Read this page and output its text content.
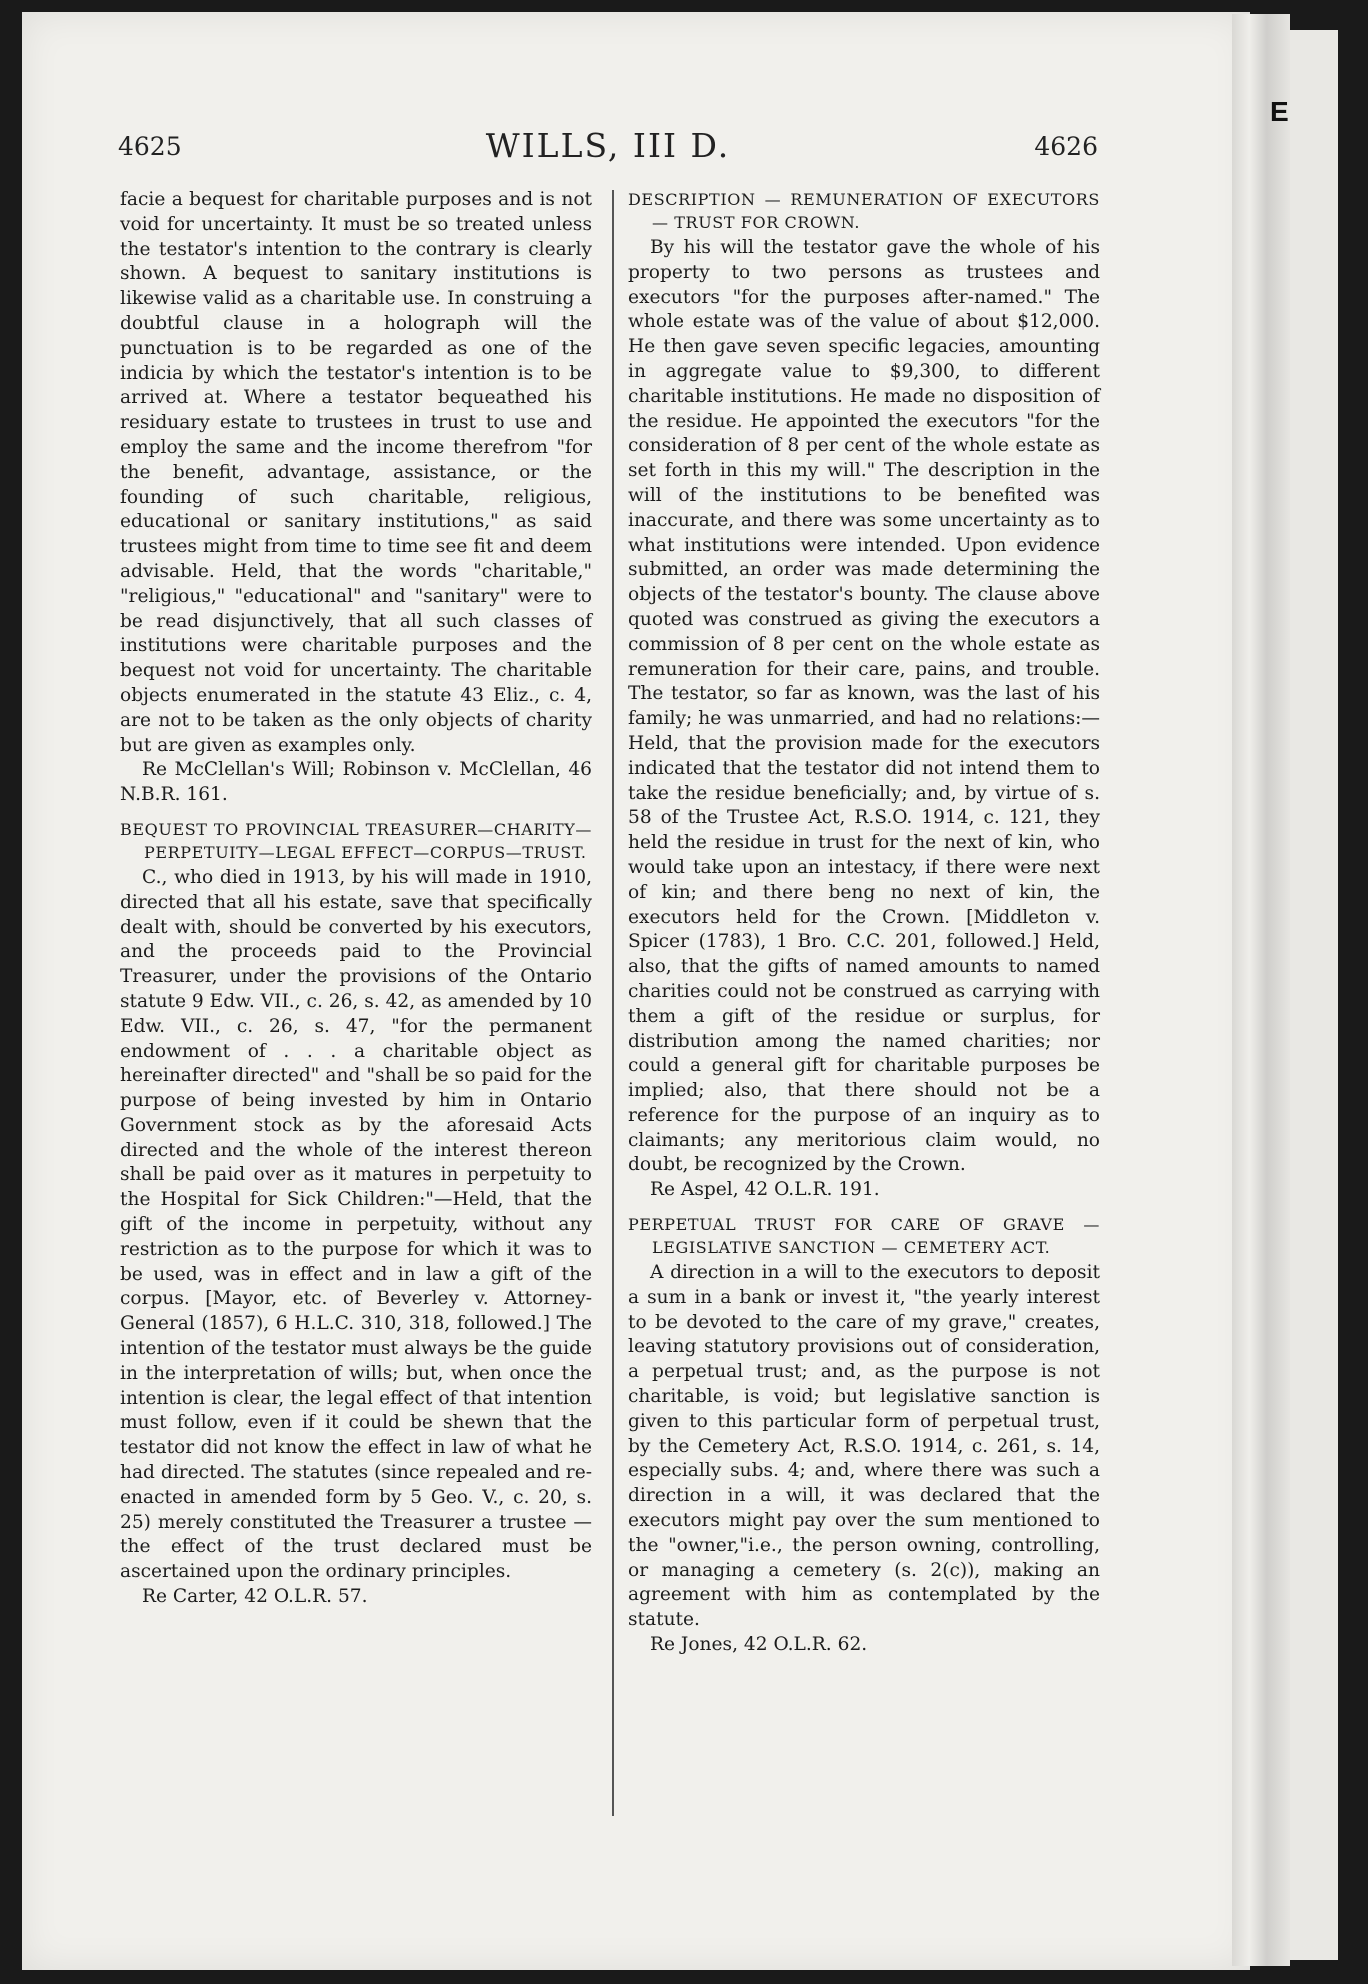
E
4625	WILLS, III D.	4626

facie a bequest for charitable purposes and is not void for uncertainty. It must be so treated unless the testator's intention to the contrary is clearly shown. A bequest to sanitary institutions is likewise valid as a charitable use. In construing a doubtful clause in a holograph will the punctuation is to be regarded as one of the indicia by which the testator's intention is to be arrived at. Where a testator bequeathed his residuary estate to trustees in trust to use and employ the same and the income therefrom "for the benefit, advantage, assistance, or the founding of such charitable, religious, educational or sanitary institutions," as said trustees might from time to time see fit and deem advisable. Held, that the words "charitable," "religious," "educational" and "sanitary" were to be read disjunctively, that all such classes of institutions were charitable purposes and the bequest not void for uncertainty. The charitable objects enumerated in the statute 43 Eliz., c. 4, are not to be taken as the only objects of charity but are given as examples only.

Re McClellan's Will; Robinson v. McClellan, 46 N.B.R. 161.

BEQUEST TO PROVINCIAL TREASURER—CHARITY—PERPETUITY—LEGAL EFFECT—CORPUS—TRUST.

C., who died in 1913, by his will made in 1910, directed that all his estate, save that specifically dealt with, should be converted by his executors, and the proceeds paid to the Provincial Treasurer, under the provisions of the Ontario statute 9 Edw. VII., c. 26, s. 42, as amended by 10 Edw. VII., c. 26, s. 47, "for the permanent endowment of . . . a charitable object as hereinafter directed" and "shall be so paid for the purpose of being invested by him in Ontario Government stock as by the aforesaid Acts directed and the whole of the interest thereon shall be paid over as it matures in perpetuity to the Hospital for Sick Children:"—Held, that the gift of the income in perpetuity, without any restriction as to the purpose for which it was to be used, was in effect and in law a gift of the corpus. [Mayor, etc. of Beverley v. Attorney-General (1857), 6 H.L.C. 310, 318, followed.] The intention of the testator must always be the guide in the interpretation of wills; but, when once the intention is clear, the legal effect of that intention must follow, even if it could be shewn that the testator did not know the effect in law of what he had directed. The statutes (since repealed and re-enacted in amended form by 5 Geo. V., c. 20, s. 25) merely constituted the Treasurer a trustee —the effect of the trust declared must be ascertained upon the ordinary principles.

Re Carter, 42 O.L.R. 57.

DESCRIPTION — REMUNERATION OF EXECUTORS — TRUST FOR CROWN.

By his will the testator gave the whole of his property to two persons as trustees and executors "for the purposes after-named." The whole estate was of the value of about $12,000. He then gave seven specific legacies, amounting in aggregate value to $9,300, to different charitable institutions. He made no disposition of the residue. He appointed the executors "for the consideration of 8 per cent of the whole estate as set forth in this my will." The description in the will of the institutions to be benefited was inaccurate, and there was some uncertainty as to what institutions were intended. Upon evidence submitted, an order was made determining the objects of the testator's bounty. The clause above quoted was construed as giving the executors a commission of 8 per cent on the whole estate as remuneration for their care, pains, and trouble. The testator, so far as known, was the last of his family; he was unmarried, and had no relations:—Held, that the provision made for the executors indicated that the testator did not intend them to take the residue beneficially; and, by virtue of s. 58 of the Trustee Act, R.S.O. 1914, c. 121, they held the residue in trust for the next of kin, who would take upon an intestacy, if there were next of kin; and there beng no next of kin, the executors held for the Crown. [Middleton v. Spicer (1783), 1 Bro. C.C. 201, followed.] Held, also, that the gifts of named amounts to named charities could not be construed as carrying with them a gift of the residue or surplus, for distribution among the named charities; nor could a general gift for charitable purposes be implied; also, that there should not be a reference for the purpose of an inquiry as to claimants; any meritorious claim would, no doubt, be recognized by the Crown.

Re Aspel, 42 O.L.R. 191.

PERPETUAL TRUST FOR CARE OF GRAVE — LEGISLATIVE SANCTION — CEMETERY ACT.

A direction in a will to the executors to deposit a sum in a bank or invest it, "the yearly interest to be devoted to the care of my grave," creates, leaving statutory provisions out of consideration, a perpetual trust; and, as the purpose is not charitable, is void; but legislative sanction is given to this particular form of perpetual trust, by the Cemetery Act, R.S.O. 1914, c. 261, s. 14, especially subs. 4; and, where there was such a direction in a will, it was declared that the executors might pay over the sum mentioned to the "owner,"i.e., the person owning, controlling, or managing a cemetery (s. 2(c)), making an agreement with him as contemplated by the statute.

Re Jones, 42 O.L.R. 62.
